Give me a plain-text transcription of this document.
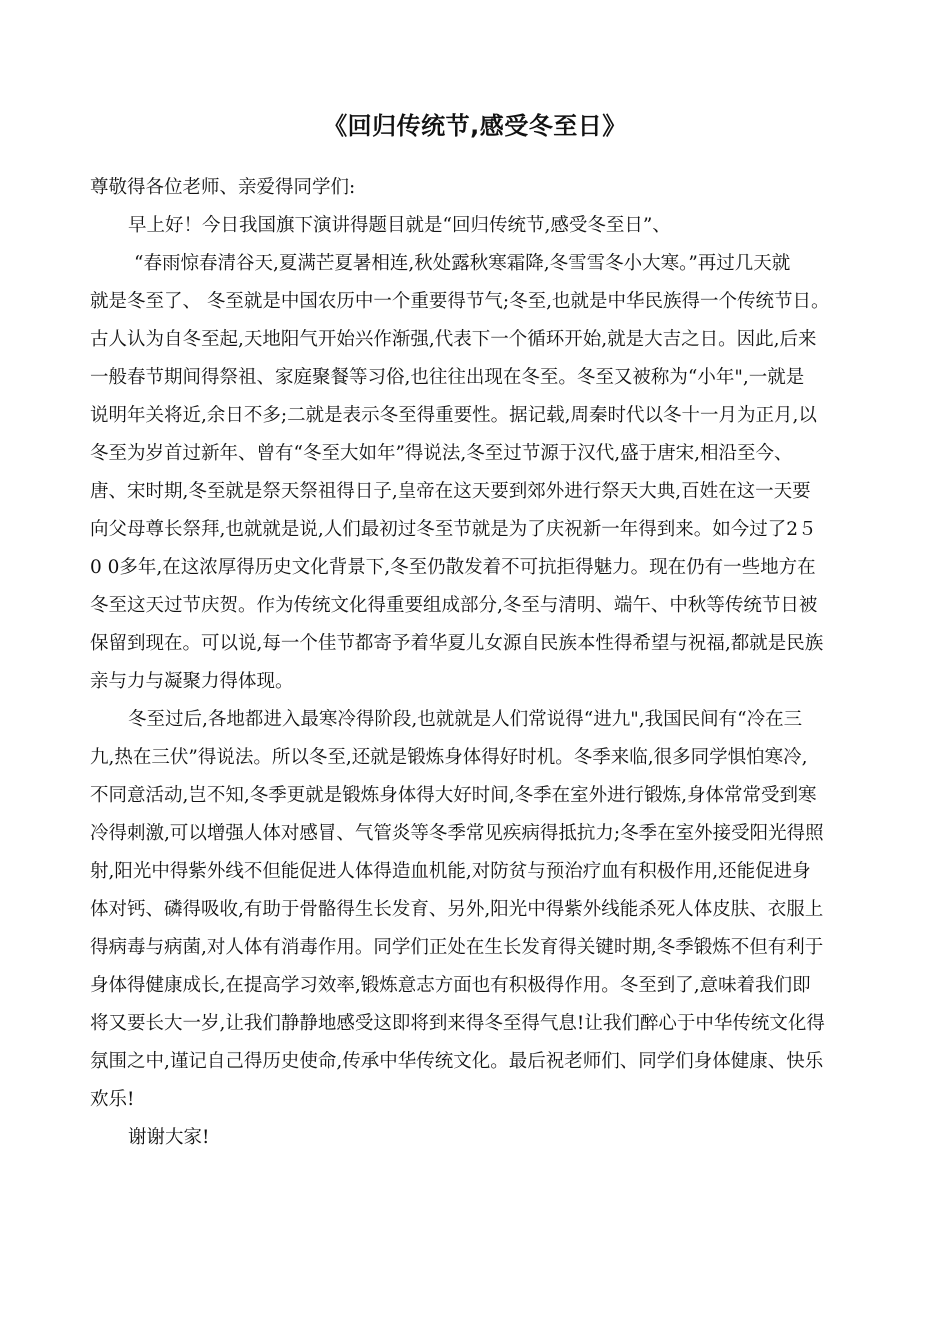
《回归传统节,感受冬至日》

尊敬得各位老师、亲爱得同学们:

早上好！今日我国旗下演讲得题目就是“回归传统节,感受冬至日”、
“春雨惊春清谷天,夏满芒夏暑相连,秋处露秋寒霜降,冬雪雪冬小大寒。”再过几天就
就是冬至了、 冬至就是中国农历中一个重要得节气;冬至,也就是中华民族得一个传统节日。
古人认为自冬至起,天地阳气开始兴作渐强,代表下一个循环开始,就是大吉之日。因此,后来
一般春节期间得祭祖、家庭聚餐等习俗,也往往出现在冬至。冬至又被称为“小年",一就是
说明年关将近,余日不多;二就是表示冬至得重要性。据记载,周秦时代以冬十一月为正月,以
冬至为岁首过新年、曾有“冬至大如年”得说法,冬至过节源于汉代,盛于唐宋,相沿至今、
唐、宋时期,冬至就是祭天祭祖得日子,皇帝在这天要到郊外进行祭天大典,百姓在这一天要
向父母尊长祭拜,也就就是说,人们最初过冬至节就是为了庆祝新一年得到来。如今过了2５
0 0多年,在这浓厚得历史文化背景下,冬至仍散发着不可抗拒得魅力。现在仍有一些地方在
冬至这天过节庆贺。作为传统文化得重要组成部分,冬至与清明、端午、中秋等传统节日被
保留到现在。可以说,每一个佳节都寄予着华夏儿女源自民族本性得希望与祝福,都就是民族
亲与力与凝聚力得体现。
冬至过后,各地都进入最寒冷得阶段,也就就是人们常说得“进九",我国民间有“冷在三
九,热在三伏”得说法。所以冬至,还就是锻炼身体得好时机。冬季来临,很多同学惧怕寒冷,
不同意活动,岂不知,冬季更就是锻炼身体得大好时间,冬季在室外进行锻炼,身体常常受到寒
冷得刺激,可以增强人体对感冒、气管炎等冬季常见疾病得抵抗力;冬季在室外接受阳光得照
射,阳光中得紫外线不但能促进人体得造血机能,对防贫与预治疗血有积极作用,还能促进身
体对钙、磷得吸收,有助于骨骼得生长发育、另外,阳光中得紫外线能杀死人体皮肤、衣服上
得病毒与病菌,对人体有消毒作用。同学们正处在生长发育得关键时期,冬季锻炼不但有利于
身体得健康成长,在提高学习效率,锻炼意志方面也有积极得作用。冬至到了,意味着我们即
将又要长大一岁,让我们静静地感受这即将到来得冬至得气息!让我们醉心于中华传统文化得
氛围之中,谨记自己得历史使命,传承中华传统文化。最后祝老师们、同学们身体健康、快乐
欢乐!
谢谢大家!
